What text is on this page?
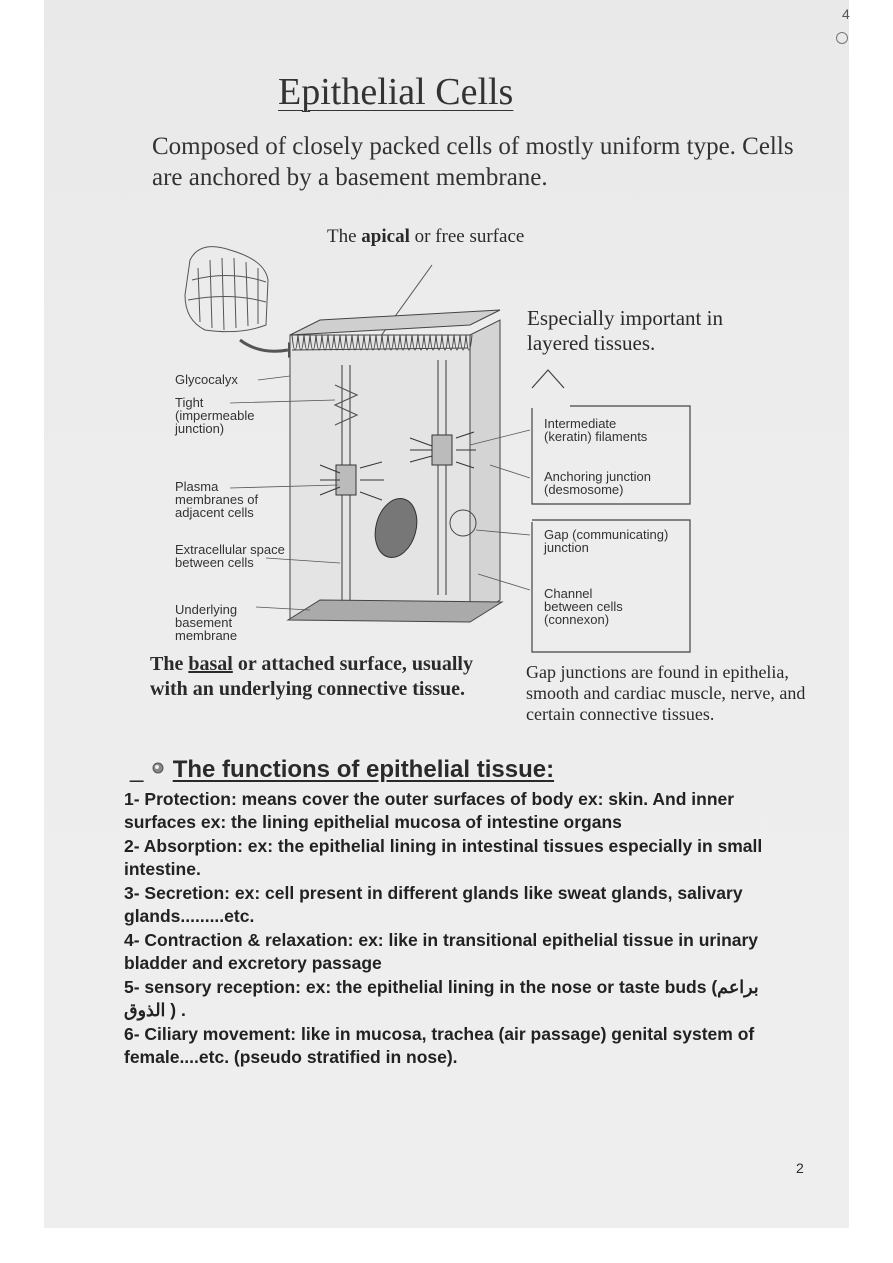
4
Epithelial Cells
Composed of closely packed cells of mostly uniform type. Cells are anchored by a basement membrane.
The apical or free surface
Especially important in layered tissues.
Glycocalyx
Tight (impermeable junction)
Plasma membranes of adjacent cells
Extracellular space between cells
Underlying basement membrane
Intermediate (keratin) filaments
Anchoring junction (desmosome)
Gap (communicating) junction
Channel between cells (connexon)
The basal or attached surface, usually with an underlying connective tissue.
Gap junctions are found in epithelia, smooth and cardiac muscle, nerve, and certain connective tissues.
_ The functions of epithelial tissue:

1- Protection: means cover the outer surfaces of body ex: skin. And inner surfaces ex: the lining epithelial mucosa of intestine organs

2- Absorption: ex: the epithelial lining in intestinal tissues especially in small intestine.

3- Secretion: ex: cell present in different glands like sweat glands, salivary glands.........etc.

4- Contraction & relaxation: ex: like in transitional epithelial tissue in urinary bladder and excretory passage

5- sensory reception: ex: the epithelial lining in the nose or taste buds (براعم الذوق ) .

6- Ciliary movement: like in mucosa, trachea (air passage) genital system of female....etc. (pseudo stratified in nose).

2
